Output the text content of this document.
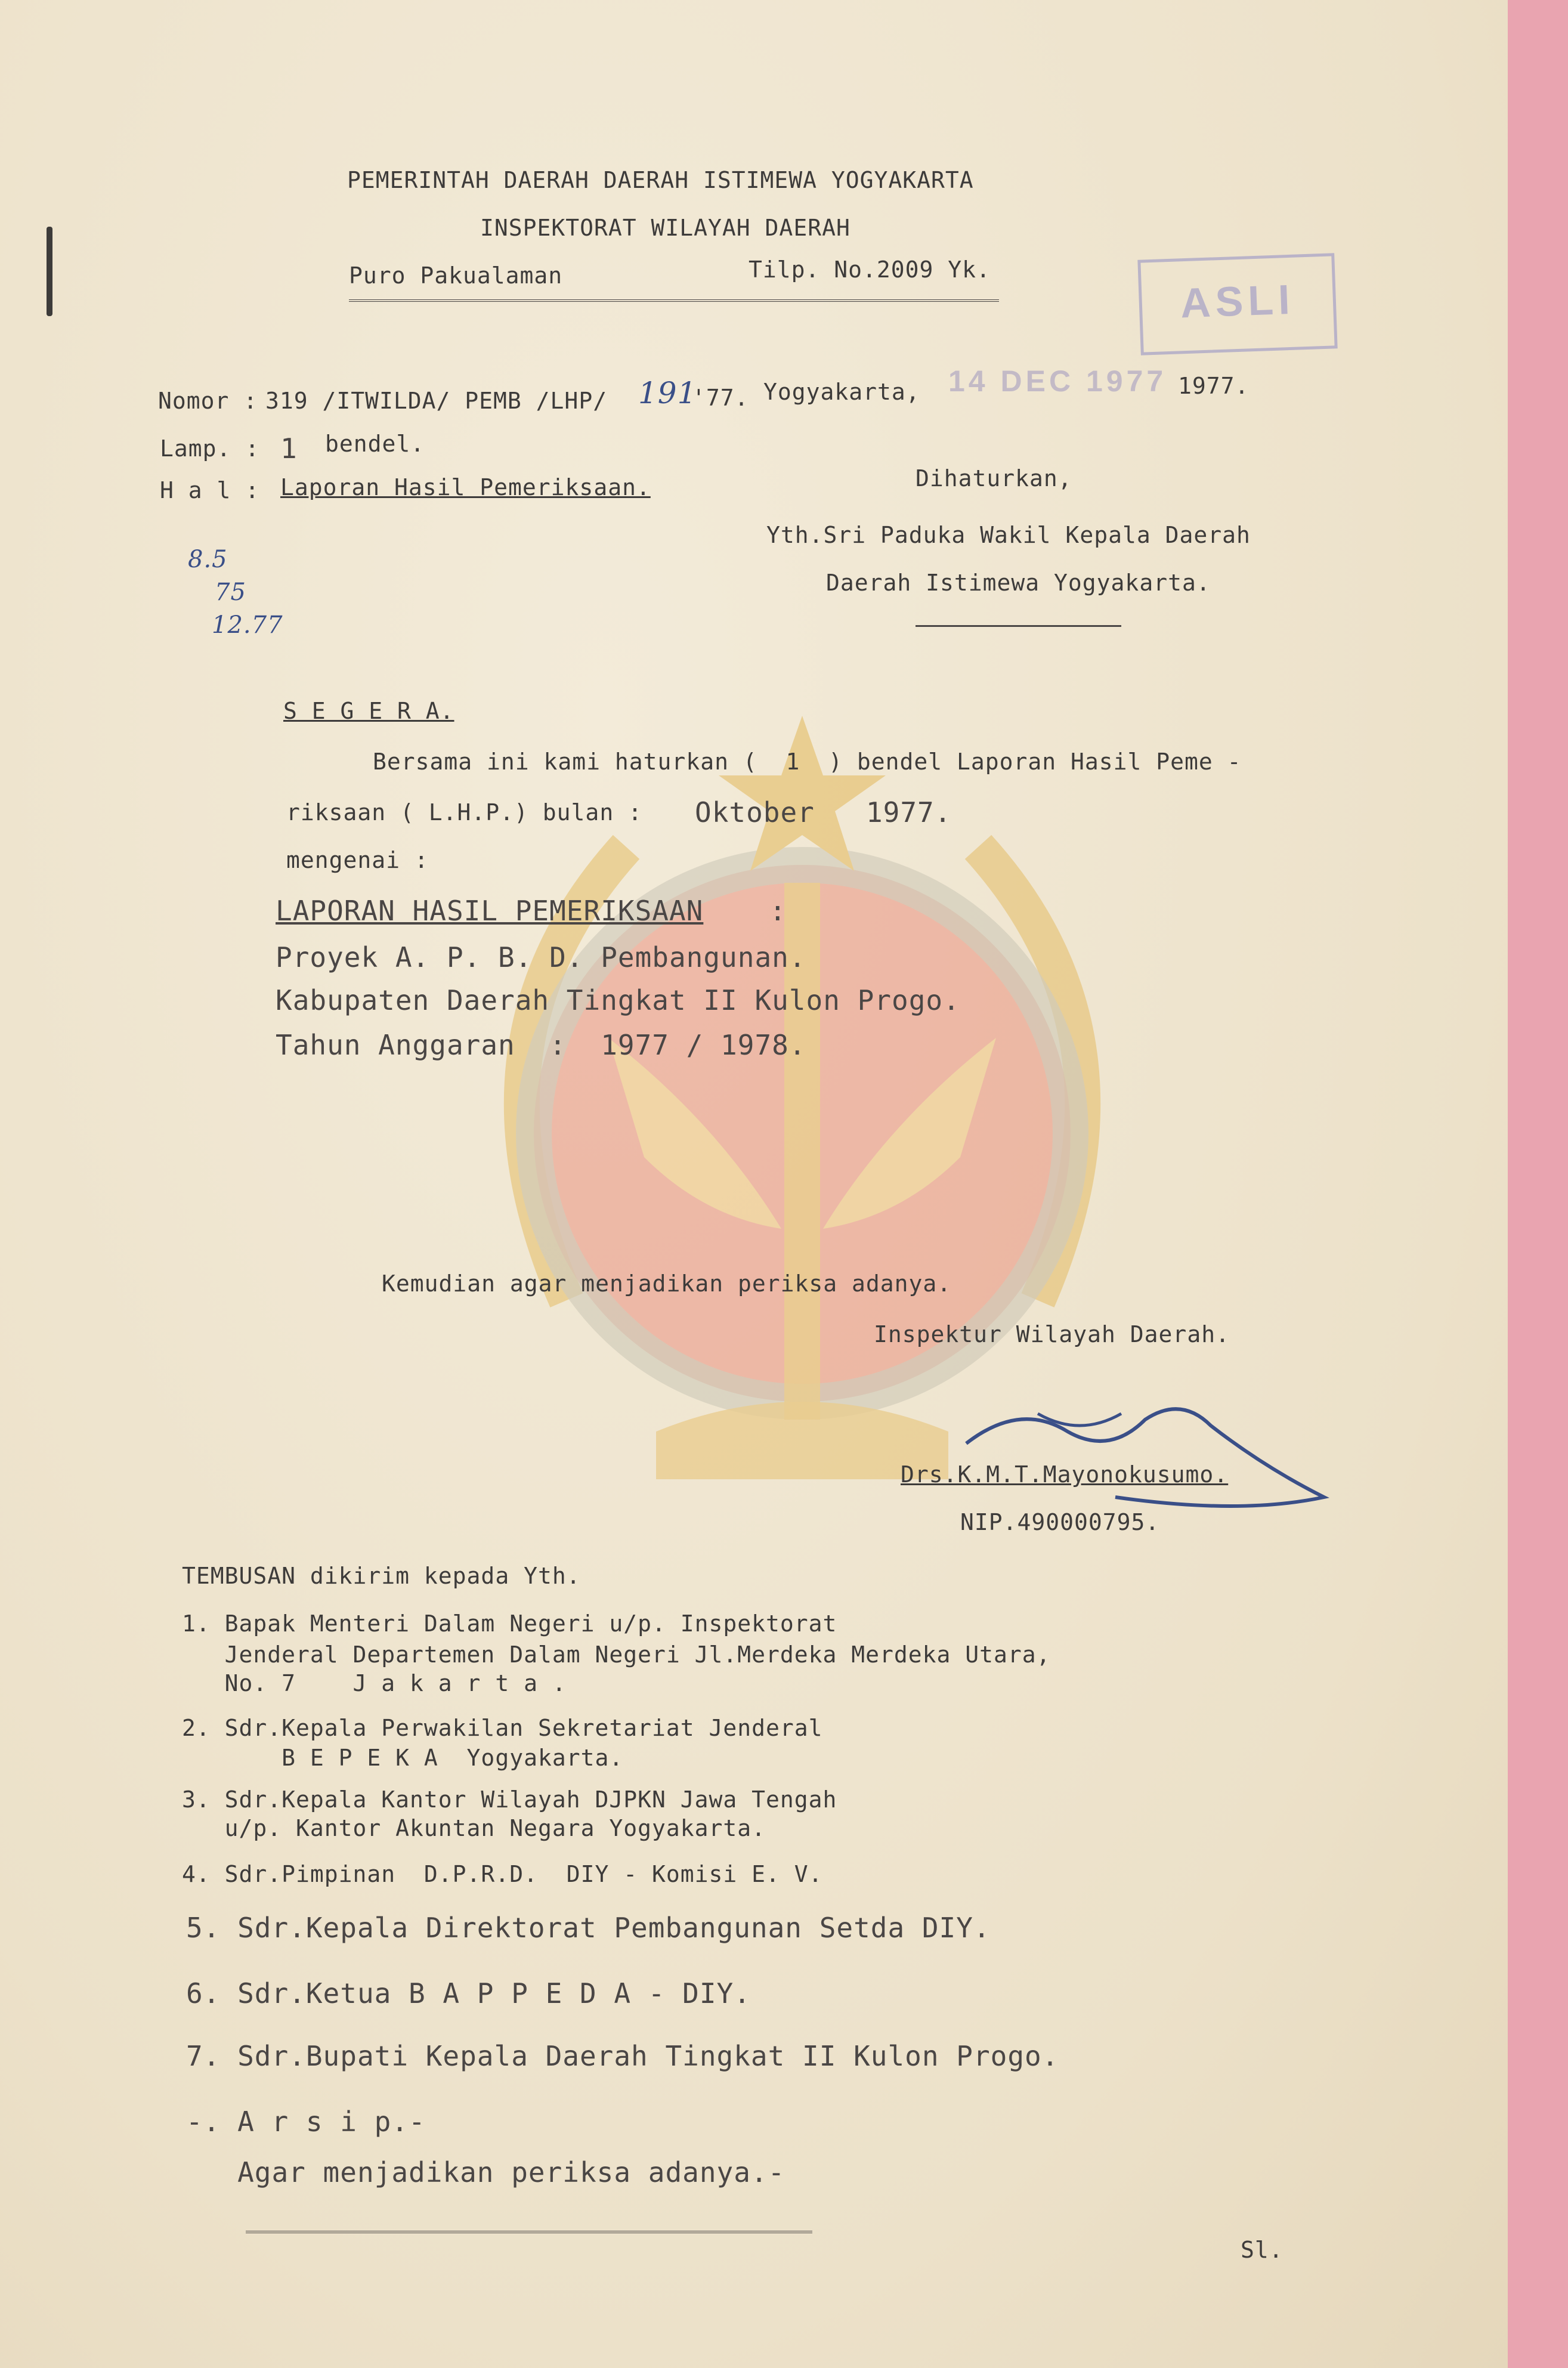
PEMERINTAH DAERAH DAERAH ISTIMEWA YOGYAKARTA
INSPEKTORAT WILAYAH DAERAH
Puro Pakualaman	Tilp. No.2009 Yk.
ASLI
Nomor : 319 /ITWILDA/ PEMB /LHP/ 191
'77. Yogyakarta, 14 DEC 1977 1977.
Lamp. : 1 bendel.
H a l : Laporan Hasil Pemeriksaan.	Dihaturkan,
Yth.Sri Paduka Wakil Kepala Daerah
Daerah Istimewa Yogyakarta.
8.5
75
12.77
S E G E R A.
Bersama ini kami haturkan (  1  ) bendel Laporan Hasil Peme -
riksaan ( L.H.P.) bulan : Oktober   1977.
mengenai :
LAPORAN HASIL PEMERIKSAAN :
Proyek A. P. B. D. Pembangunan.
Kabupaten Daerah Tingkat II Kulon Progo.
Tahun Anggaran  :  1977 / 1978.
Kemudian agar menjadikan periksa adanya.
Inspektur Wilayah Daerah.
Drs.K.M.T.Mayonokusumo.
NIP.490000795.
TEMBUSAN dikirim kepada Yth.
1. Bapak Menteri Dalam Negeri u/p. Inspektorat
Jenderal Departemen Dalam Negeri Jl.Merdeka Merdeka Utara,
No. 7    J a k a r t a .
2. Sdr.Kepala Perwakilan Sekretariat Jenderal
B E P E K A  Yogyakarta.
3. Sdr.Kepala Kantor Wilayah DJPKN Jawa Tengah
u/p. Kantor Akuntan Negara Yogyakarta.
4. Sdr.Pimpinan  D.P.R.D.  DIY - Komisi E. V.
5. Sdr.Kepala Direktorat Pembangunan Setda DIY.
6. Sdr.Ketua B A P P E D A - DIY.
7. Sdr.Bupati Kepala Daerah Tingkat II Kulon Progo.
-. A r s i p.-
Agar menjadikan periksa adanya.-
Sl.
